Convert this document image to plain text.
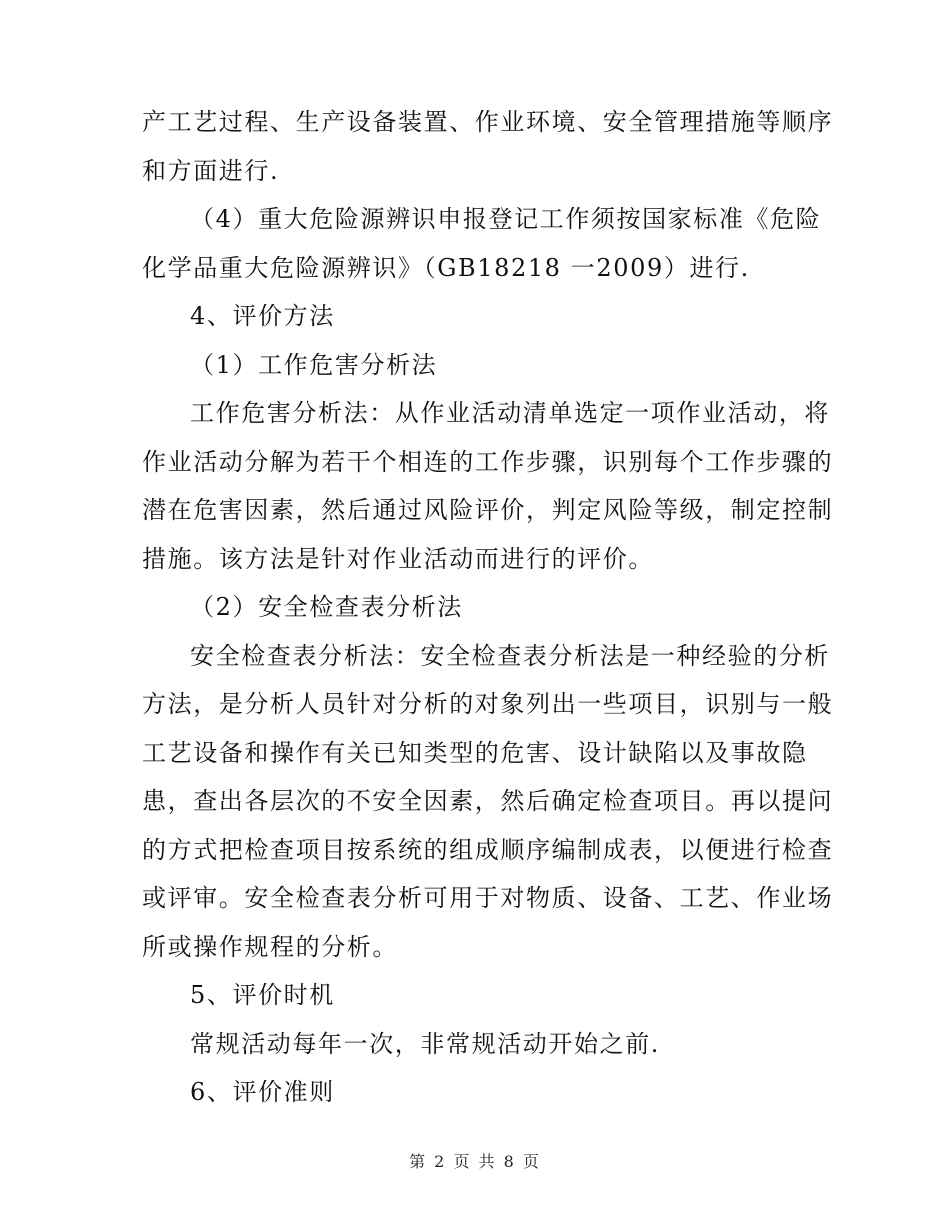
产工艺过程、生产设备装置、作业环境、安全管理措施等顺序
和方面进行.
（4）重大危险源辨识申报登记工作须按国家标准《危险
化学品重大危险源辨识》（GB18218 一2009）进行.
4、评价方法
（1）工作危害分析法
工作危害分析法：从作业活动清单选定一项作业活动，将
作业活动分解为若干个相连的工作步骤，识别每个工作步骤的
潜在危害因素，然后通过风险评价，判定风险等级，制定控制
措施。该方法是针对作业活动而进行的评价。
（2）安全检查表分析法
安全检查表分析法：安全检查表分析法是一种经验的分析
方法，是分析人员针对分析的对象列出一些项目，识别与一般
工艺设备和操作有关已知类型的危害、设计缺陷以及事故隐
患，查出各层次的不安全因素，然后确定检查项目。再以提问
的方式把检查项目按系统的组成顺序编制成表，以便进行检查
或评审。安全检查表分析可用于对物质、设备、工艺、作业场
所或操作规程的分析。
5、评价时机
常规活动每年一次，非常规活动开始之前.
6、评价准则
第 2 页 共 8 页
